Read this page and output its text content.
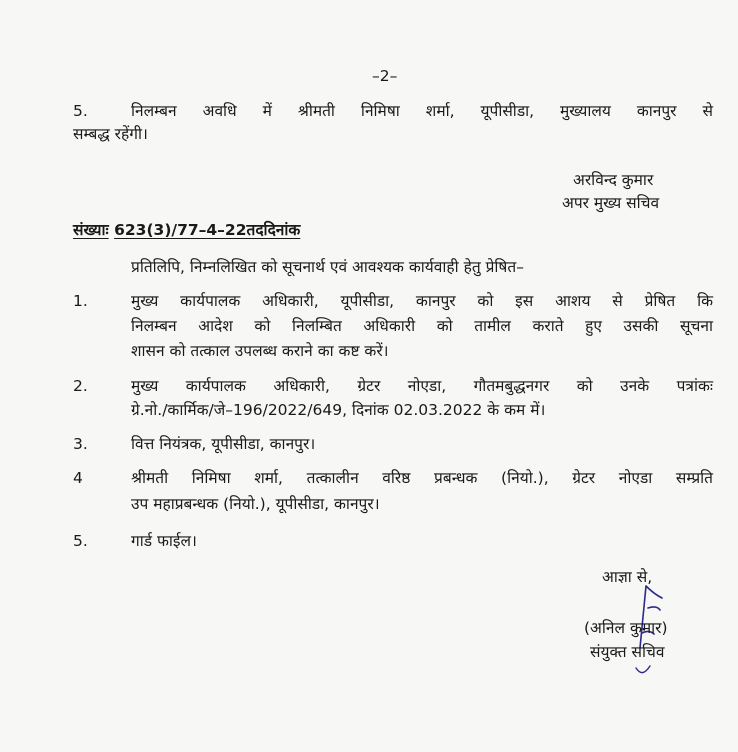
–2–
5.	निलम्बन अवधि में श्रीमती निमिषा शर्मा, यूपीसीडा, मुख्यालय कानपुर से
सम्बद्ध रहेंगी।
अरविन्द कुमार
अपर मुख्य सचिव
संख्याः 623(3)/77–4–22तददिनांक
प्रतिलिपि, निम्नलिखित को सूचनार्थ एवं आवश्यक कार्यवाही हेतु प्रेषित–
1.	मुख्य कार्यपालक अधिकारी, यूपीसीडा, कानपुर को इस आशय से प्रेषित कि
निलम्बन आदेश को निलम्बित अधिकारी को तामील कराते हुए उसकी सूचना
शासन को तत्काल उपलब्ध कराने का कष्ट करें।
2.	मुख्य कार्यपालक अधिकारी, ग्रेटर नोएडा, गौतमबुद्धनगर को उनके पत्रांकः
ग्रे.नो./कार्मिक/जे–196/2022/649, दिनांक 02.03.2022 के कम में।
3.	वित्त नियंत्रक, यूपीसीडा, कानपुर।
4	श्रीमती निमिषा शर्मा, तत्कालीन वरिष्ठ प्रबन्धक (नियो.), ग्रेटर नोएडा सम्प्रति
उप महाप्रबन्धक (नियो.), यूपीसीडा, कानपुर।
5.	गार्ड फाईल।
आज्ञा से,
(अनिल कुमार)
संयुक्त सचिव
